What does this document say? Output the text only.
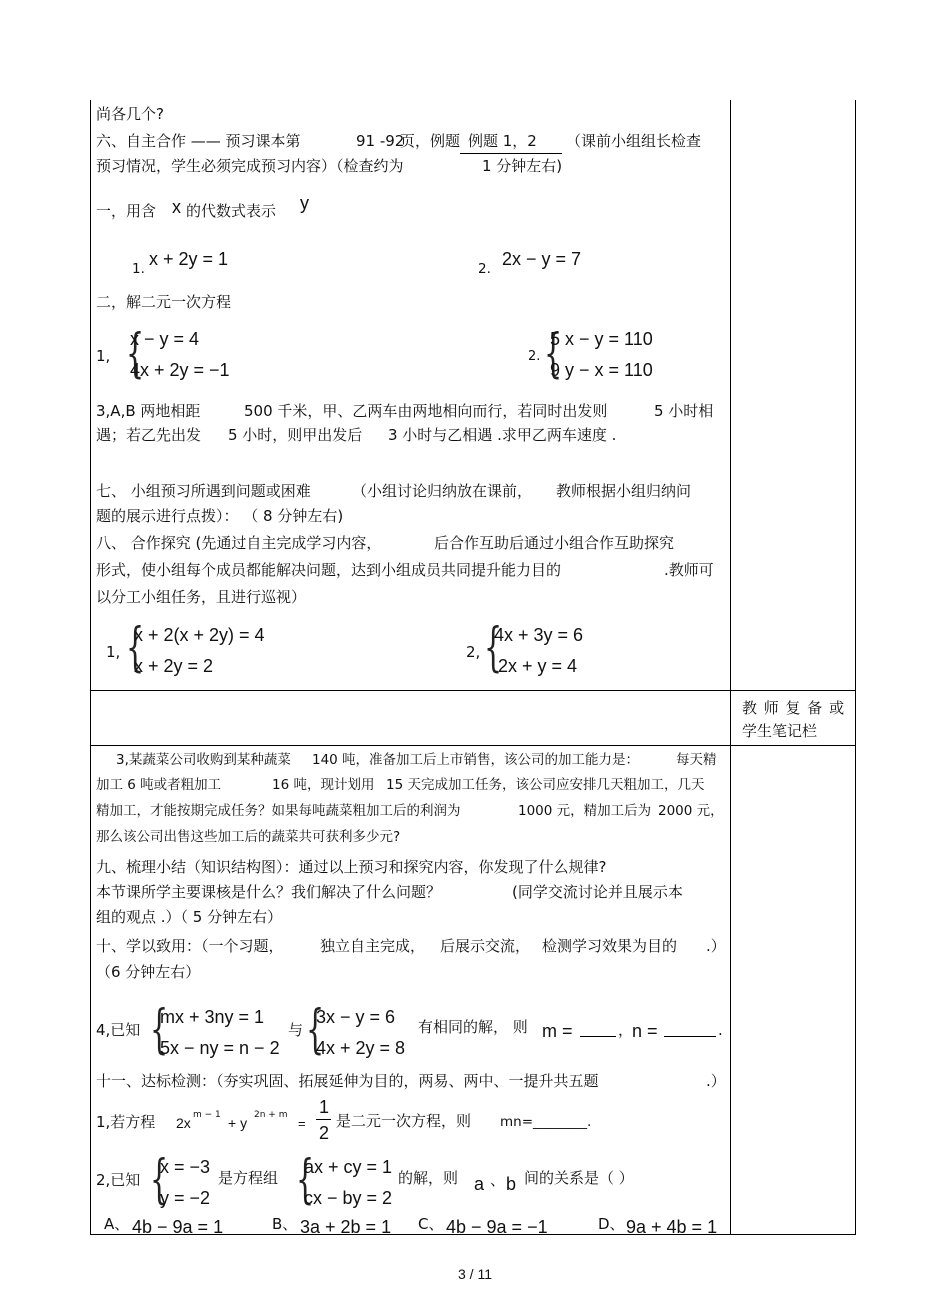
尚各几个?
六、自主合作 —— 预习课本第	91 -92
页，例题 例题 1，2 （课前小组组长检查
预习情况，学生必须完成预习内容）（检查约为	1 分钟左右)
一，用含 x 的代数式表示 y
1. x + 2y = 1	2. 2x − y = 7
二，解二元一次方程
1, {
x − y = 4
4x + 2y = −1
2. {
5 x − y = 110
9 y − x = 110
3,A,B 两地相距	500 千米，甲、乙两车由两地相向而行，若同时出发则	5 小时相
遇；若乙先出发 5 小时，则甲出发后 3 小时与乙相遇 .求甲乙两车速度 .
七、 小组预习所遇到问题或困难	（小组讨论归纳放在课前， 教师根据小组归纳问
题的展示进行点拨）： （ 8 分钟左右)
八、 合作探究 (先通过自主完成学习内容，	后合作互助后通过小组合作互助探究
形式，使小组每个成员都能解决问题，达到小组成员共同提升能力目的	.教师可
以分工小组任务，且进行巡视）
1, {
x + 2(x + 2y) = 4
x + 2y = 2
2, {
4x + 3y = 6
2x + y = 4
教 师 复 备 或
学生笔记栏
3,某蔬菜公司收购到某种蔬菜 140 吨，准备加工后上市销售，该公司的加工能力是：	每天精
加工 6 吨或者粗加工	16 吨，现计划用 15 天完成加工任务，该公司应安排几天粗加工，几天
精加工，才能按期完成任务？如果每吨蔬菜粗加工后的利润为	1000 元，精加工后为 2000 元，
那么该公司出售这些加工后的蔬菜共可获利多少元?
九、梳理小结（知识结构图）：通过以上预习和探究内容，你发现了什么规律?
本节课所学主要课核是什么？我们解决了什么问题？	(同学交流讨论并且展示本
组的观点 .）（ 5 分钟左右）
十、学以致用：（一个习题， 独立自主完成， 后展示交流， 检测学习效果为目的 .）
（6 分钟左右）
4,已知 {
mx + 3ny = 1
5x − ny = n − 2
与 {
3x − y = 6
4x + 2y = 8
有相同的解， 则 m =	，
n =	.
十一、达标检测：（夯实巩固、拓展延伸为目的，两易、两中、一提升共五题	.）
1,若方程 2x m − 1 + y 2n + m
=
1
2
是二元一次方程，则 mn=________.
2,已知 {
x = −3
y = −2
是方程组 {
ax + cy = 1
cx − by = 2
的解，则 a 、 b 间的关系是（ ）
A、 4b − 9a = 1	B、 3a + 2b = 1 C、 4b − 9a = −1	D、 9a + 4b = 1
3 / 11
